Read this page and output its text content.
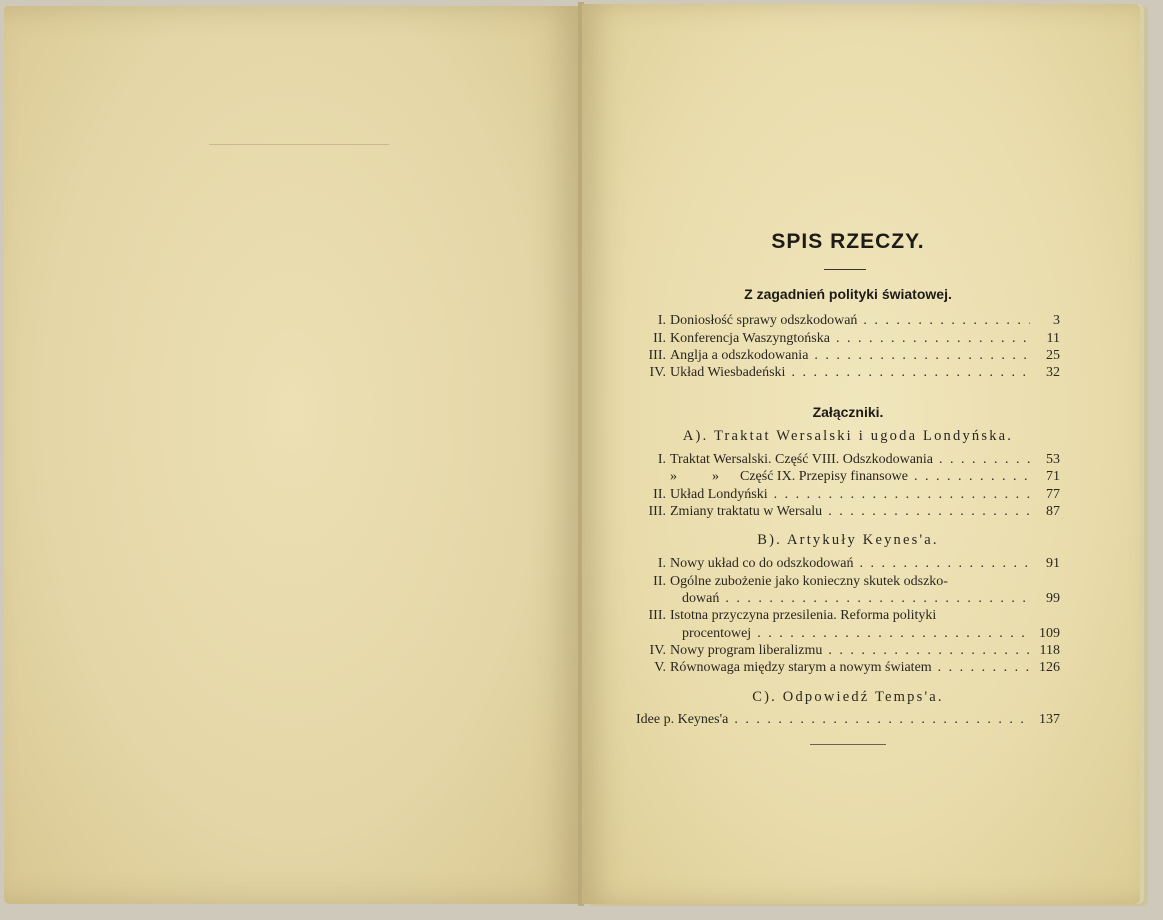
SPIS RZECZY.
Z zagadnień polityki światowej.
I. Doniosłość sprawy odszkodowań . . .	3
II. Konferencja Waszyngtońska . . .	11
III. Anglja a odszkodowania . . .	25
IV. Układ Wiesbadeński . . .	32
Załączniki.
A). Traktat Wersalski i ugoda Londyńska.
I. Traktat Wersalski. Część VIII. Odszkodowania . . .	53
»          »      Część IX. Przepisy finansowe . . .	71
II. Układ Londyński . . .	77
III. Zmiany traktatu w Wersalu . . .	87
B). Artykuły Keynes'a.
I. Nowy układ co do odszkodowań . . .	91
II. Ogólne zubożenie jako konieczny skutek odszko-
dowań . . .	99
III. Istotna przyczyna przesilenia. Reforma polityki
procentowej . . .	109
IV. Nowy program liberalizmu . . .	118
V. Równowaga między starym a nowym światem . . .	126
C). Odpowiedź Temps'a.
Idee p. Keynes'a . . .	137
